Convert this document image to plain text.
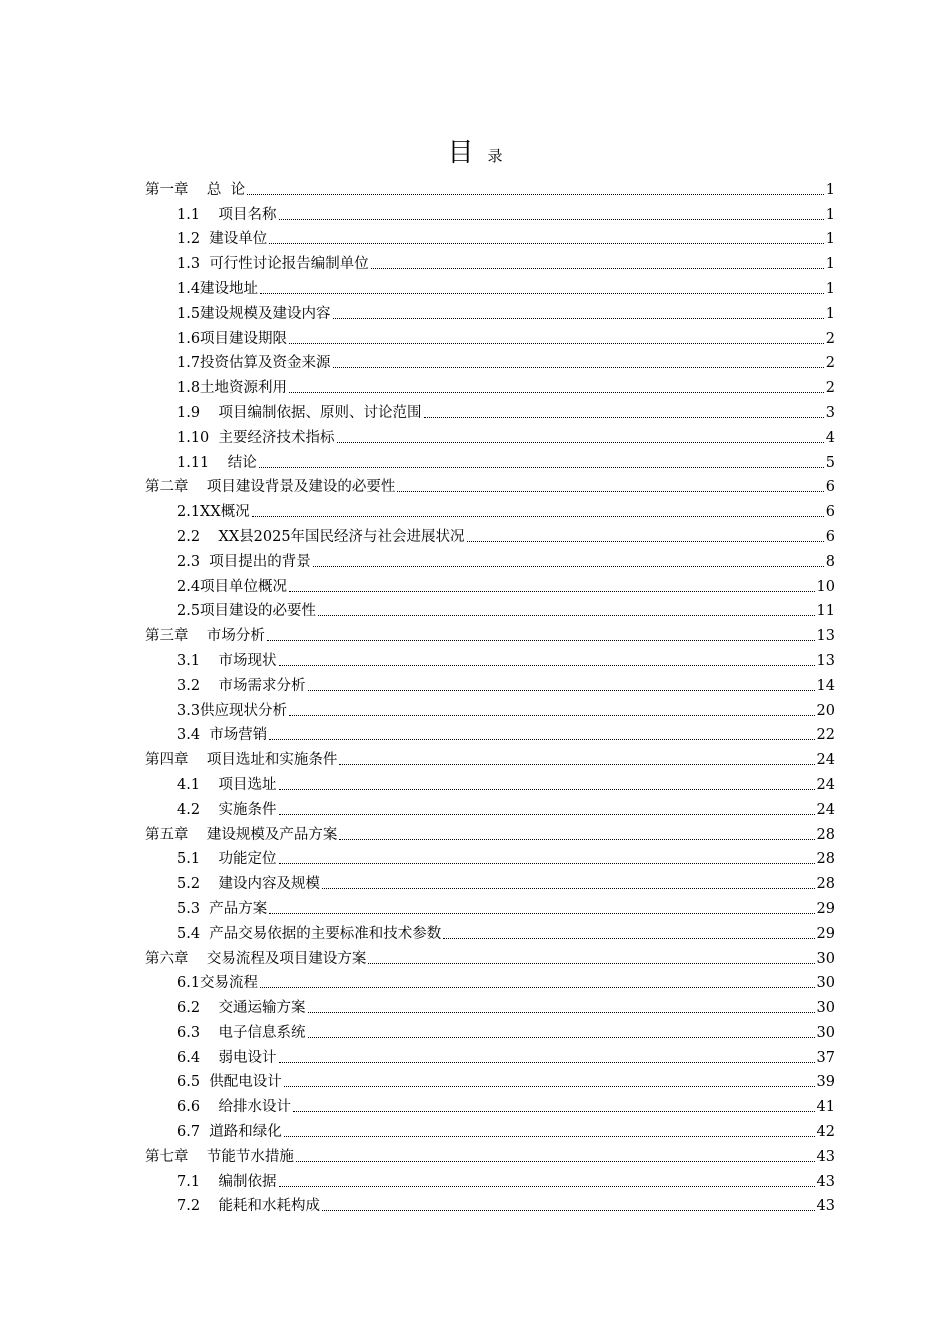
目录
第一章    总  论	1
1.1    项目名称	1
1.2  建设单位	1
1.3  可行性讨论报告编制单位	1
1.4建设地址	1
1.5建设规模及建设内容	1
1.6项目建设期限	2
1.7投资估算及资金来源	2
1.8土地资源利用	2
1.9    项目编制依据、原则、讨论范围	3
1.10  主要经济技术指标	4
1.11    结论	5
第二章    项目建设背景及建设的必要性	6
2.1XX概况	6
2.2    XX县2025年国民经济与社会进展状况	6
2.3  项目提出的背景	8
2.4项目单位概况	10
2.5项目建设的必要性	11
第三章    市场分析	13
3.1    市场现状	13
3.2    市场需求分析	14
3.3供应现状分析	20
3.4  市场营销	22
第四章    项目选址和实施条件	24
4.1    项目选址	24
4.2    实施条件	24
第五章    建设规模及产品方案	28
5.1    功能定位	28
5.2    建设内容及规模	28
5.3  产品方案	29
5.4  产品交易依据的主要标准和技术参数	29
第六章    交易流程及项目建设方案	30
6.1交易流程	30
6.2    交通运输方案	30
6.3    电子信息系统	30
6.4    弱电设计	37
6.5  供配电设计	39
6.6    给排水设计	41
6.7  道路和绿化	42
第七章    节能节水措施	43
7.1    编制依据	43
7.2    能耗和水耗构成	43
